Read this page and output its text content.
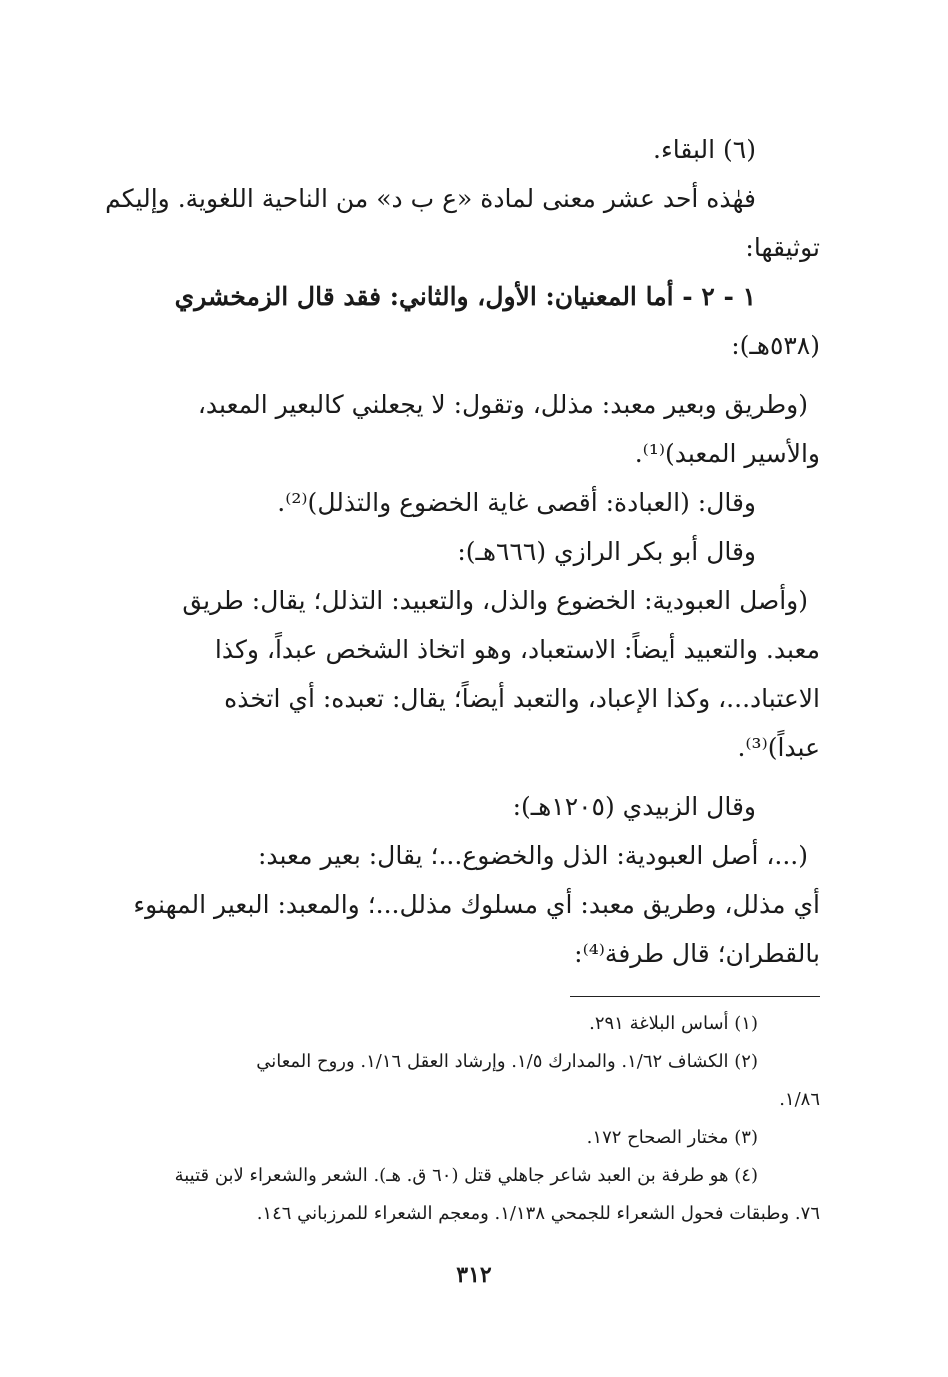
(٦) البقاء.
فهٰذه أحد عشر معنى لمادة «ع ب د» من الناحية اللغوية. وإليكم
توثيقها:
١ - ٢ - أما المعنيان: الأول، والثاني: فقد قال الزمخشري
(٥٣٨هـ):
(وطريق وبعير معبد: مذلل، وتقول: لا يجعلني كالبعير المعبد،
والأسير المعبد)⁽¹⁾.
وقال: (العبادة: أقصى غاية الخضوع والتذلل)⁽²⁾.
وقال أبو بكر الرازي (٦٦٦هـ):
(وأصل العبودية: الخضوع والذل، والتعبيد: التذلل؛ يقال: طريق
معبد. والتعبيد أيضاً: الاستعباد، وهو اتخاذ الشخص عبداً، وكذا
الاعتباد...، وكذا الإعباد، والتعبد أيضاً؛ يقال: تعبده: أي اتخذه
عبداً)⁽³⁾.
وقال الزبيدي (١٢٠٥هـ):
(...، أصل العبودية: الذل والخضوع...؛ يقال: بعير معبد:
أي مذلل، وطريق معبد: أي مسلوك مذلل...؛ والمعبد: البعير المهنوء
بالقطران؛ قال طرفة⁽⁴⁾:
(١) أساس البلاغة ٢٩١.
(٢) الكشاف ١/٦٢. والمدارك ١/٥. وإرشاد العقل ١/١٦. وروح المعاني
١/٨٦.
(٣) مختار الصحاح ١٧٢.
(٤) هو طرفة بن العبد شاعر جاهلي قتل (٦٠ ق. هـ). الشعر والشعراء لابن قتيبة
٧٦. وطبقات فحول الشعراء للجمحي ١/١٣٨. ومعجم الشعراء للمرزباني ١٤٦.
٣١٢
